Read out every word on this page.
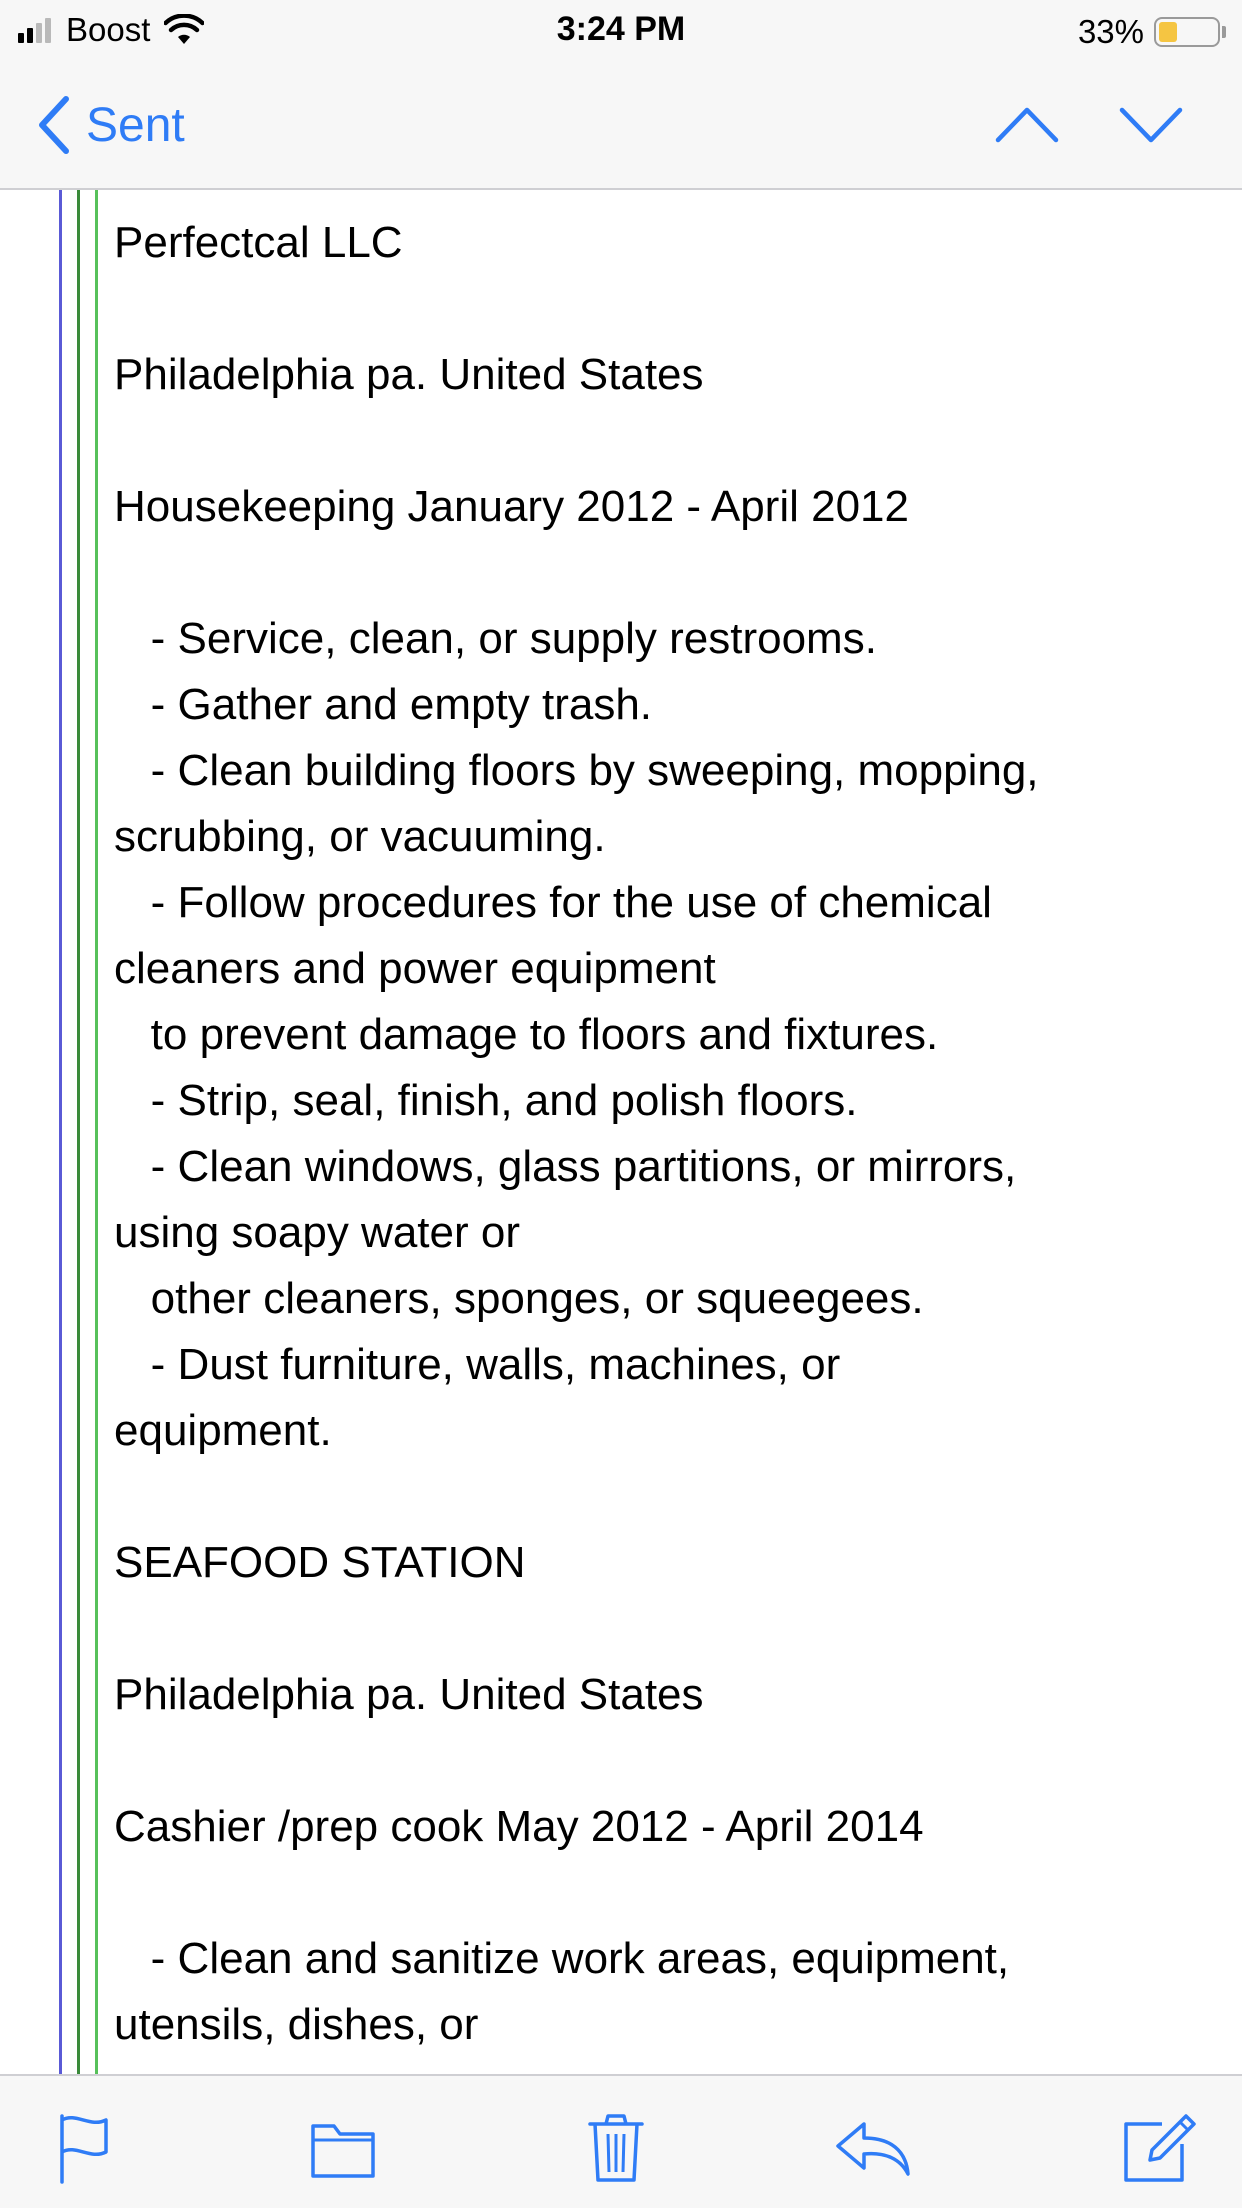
Boost	3:24 PM	33%
Sent
Perfectcal LLC
Philadelphia pa. United States
Housekeeping January 2012 - April 2012
- Service, clean, or supply restrooms.
- Gather and empty trash.
- Clean building floors by sweeping, mopping,
scrubbing, or vacuuming.
- Follow procedures for the use of chemical
cleaners and power equipment
to prevent damage to floors and fixtures.
- Strip, seal, finish, and polish floors.
- Clean windows, glass partitions, or mirrors,
using soapy water or
other cleaners, sponges, or squeegees.
- Dust furniture, walls, machines, or
equipment.
SEAFOOD STATION
Philadelphia pa. United States
Cashier /prep cook May 2012 - April 2014
- Clean and sanitize work areas, equipment,
utensils, dishes, or
